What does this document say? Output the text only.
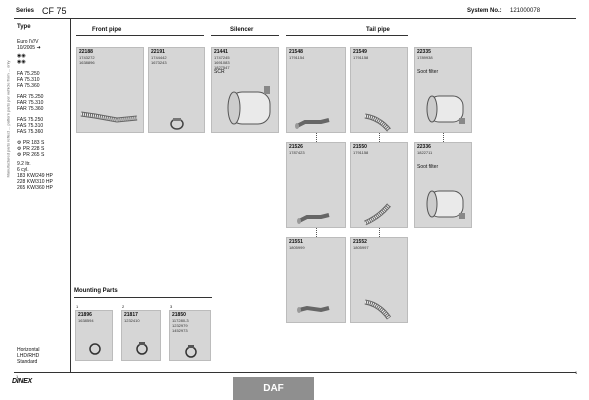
Series CF 75	System No.: 121000078
Manufactured parts reflect ... pattern parts per vehicle from ... only
Type
Euro IV/V
10/2005 ➜
◉◉
◉◉
FA 75.250
FA 75.310
FA 75.360
FAR 75.250
FAR 75.310
FAR 75.360
FAS 75.250
FAS 75.310
FAS 75.360
⚙ PR 183 S
⚙ PR 228 S
⚙ PR 265 S
9.2 ltr.
6 cyl.
183 KW/249 HP
228 KW/310 HP
265 KW/360 HP
Horizontal
LHD/RHD
Standard
Front pipe	Silencer	Tail pipe
22188
1743272
1638896
22191
1744442
1673243
21441
1747245
1691083
1827547
SCR
21548
1791154
21549
1791158
22335
1789938
Soot filter
21526
1787423
21550
1791158
22336
1822711
Soot filter
21551
1805999
21552
1805997
Mounting Parts
1
21896
1638594
2
21817
1232410
3
21850
117280-3
1232979
1452973
1
DINEX
DAF
1
